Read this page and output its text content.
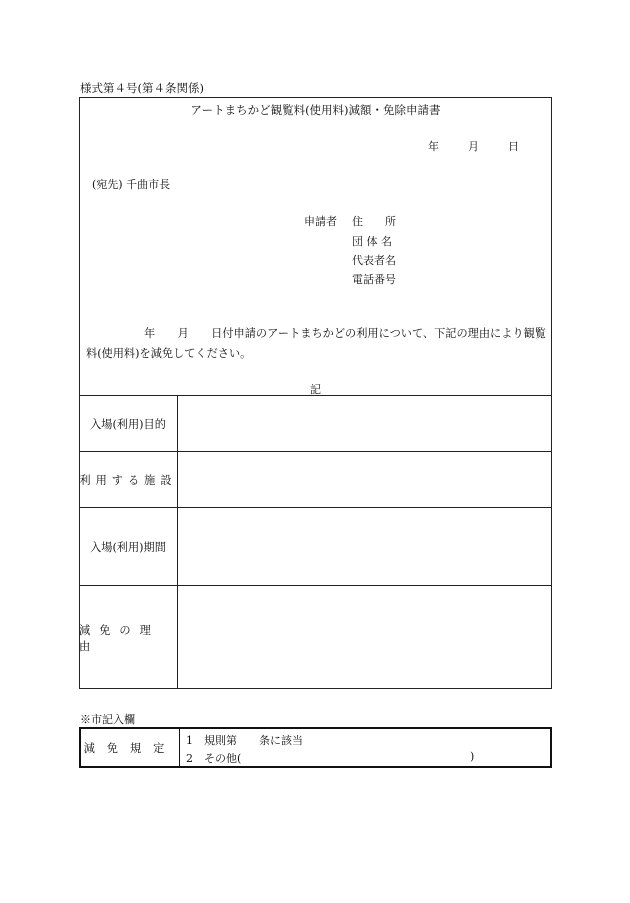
様式第４号(第４条関係)
アートまちかど観覧料(使用料)減額・免除申請書
年	月	日
(宛先) 千曲市長
申請者 住　　所
団 体 名
代表者名
電話番号
年　　月　　日付申請のアートまちかどの利用について、下記の理由により観覧料(使用料)を減免してください。
記
入場(利用)目的
利用する施設
入場(利用)期間
減免の理由
※市記入欄
減免規定
1　規則第　　条に該当
2　その他(	)
